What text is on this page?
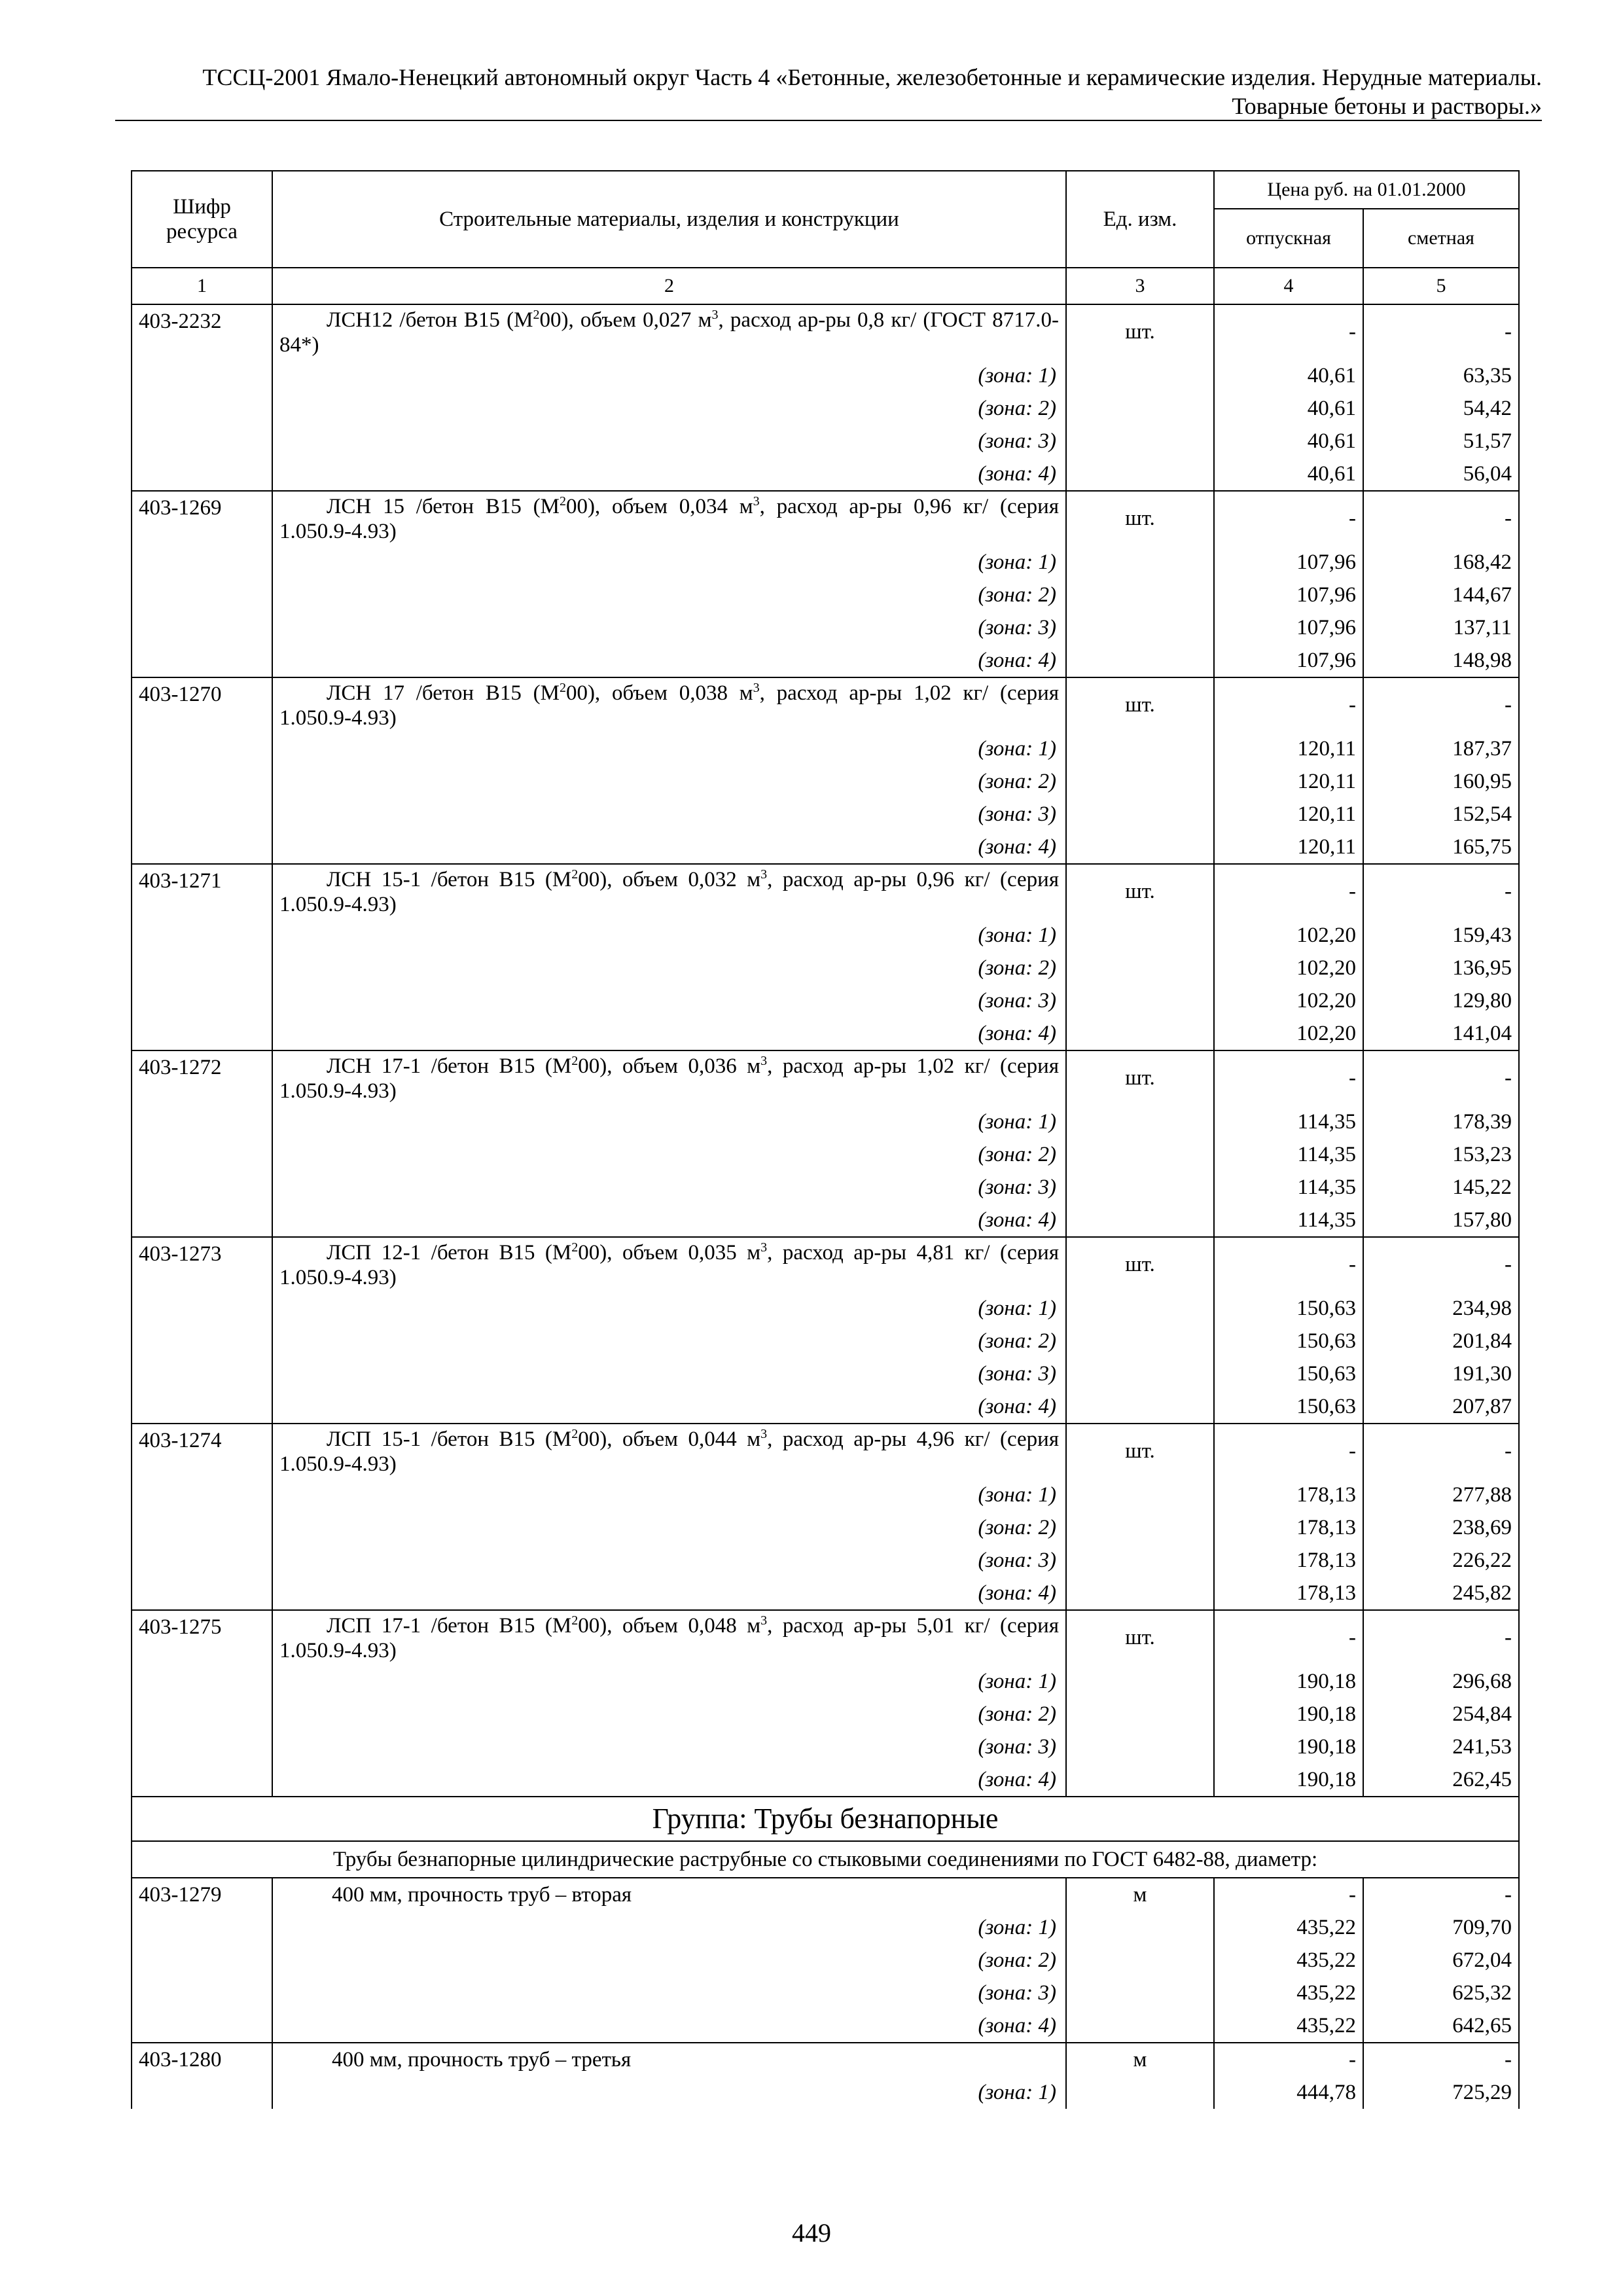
ТССЦ-2001 Ямало-Ненецкий автономный округ Часть 4 «Бетонные, железобетонные и керамические изделия. Нерудные материалы.
Товарные бетоны и растворы.»
Шифр ресурса	Строительные материалы, изделия и конструкции	Ед. изм.	Цена руб. на 01.01.2000	
			отпускная	сметная
1	2	3	4	5
403-2232	ЛСН12 /бетон В15 $(М^200)$, объем 0,027 $м^3$, расход ар-ры 0,8 кг/ (ГОСТ 8717.0-84*)	шт.	-	-
	(зона: 1)		40,61	63,35
	(зона: 2)		40,61	54,42
	(зона: 3)		40,61	51,57
	(зона: 4)		40,61	56,04
403-1269	ЛСН 15 /бетон В15 $(М^200)$, объем 0,034 $м^3$, расход ар-ры 0,96 кг/ (серия 1.050.9-4.93)	шт.	-	-
	(зона: 1)		107,96	168,42
	(зона: 2)		107,96	144,67
	(зона: 3)		107,96	137,11
	(зона: 4)		107,96	148,98
403-1270	ЛСН 17 /бетон В15 $(М^200)$, объем 0,038 $м^3$, расход ар-ры 1,02 кг/ (серия 1.050.9-4.93)	шт.	-	-
	(зона: 1)		120,11	187,37
	(зона: 2)		120,11	160,95
	(зона: 3)		120,11	152,54
	(зона: 4)		120,11	165,75
403-1271	ЛСН 15-1 /бетон В15 $(М^200)$, объем 0,032 $м^3$, расход ар-ры 0,96 кг/ (серия 1.050.9-4.93)	шт.	-	-
	(зона: 1)		102,20	159,43
	(зона: 2)		102,20	136,95
	(зона: 3)		102,20	129,80
	(зона: 4)		102,20	141,04
403-1272	ЛСН 17-1 /бетон В15 $(М^200)$, объем 0,036 $м^3$, расход ар-ры 1,02 кг/ (серия 1.050.9-4.93)	шт.	-	-
	(зона: 1)		114,35	178,39
	(зона: 2)		114,35	153,23
	(зона: 3)		114,35	145,22
	(зона: 4)		114,35	157,80
403-1273	ЛСП 12-1 /бетон В15 $(М^200)$, объем 0,035 $м^3$, расход ар-ры 4,81 кг/ (серия 1.050.9-4.93)	шт.	-	-
	(зона: 1)		150,63	234,98
	(зона: 2)		150,63	201,84
	(зона: 3)		150,63	191,30
	(зона: 4)		150,63	207,87
403-1274	ЛСП 15-1 /бетон В15 $(М^200)$, объем 0,044 $м^3$, расход ар-ры 4,96 кг/ (серия 1.050.9-4.93)	шт.	-	-
	(зона: 1)		178,13	277,88
	(зона: 2)		178,13	238,69
	(зона: 3)		178,13	226,22
	(зона: 4)		178,13	245,82
403-1275	ЛСП 17-1 /бетон В15 $(М^200)$, объем 0,048 $м^3$, расход ар-ры 5,01 кг/ (серия 1.050.9-4.93)	шт.	-	-
	(зона: 1)		190,18	296,68
	(зона: 2)		190,18	254,84
	(зона: 3)		190,18	241,53
	(зона: 4)		190,18	262,45
Группа: Трубы безнапорные				
Трубы безнапорные цилиндрические раструбные со стыковыми соединениями по ГОСТ 6482-88, диаметр:				
403-1279	400 мм, прочность труб – вторая	м	-	-
	(зона: 1)		435,22	709,70
	(зона: 2)		435,22	672,04
	(зона: 3)		435,22	625,32
	(зона: 4)		435,22	642,65
403-1280	400 мм, прочность труб – третья	м	-	-
	(зона: 1)		444,78	725,29
449
